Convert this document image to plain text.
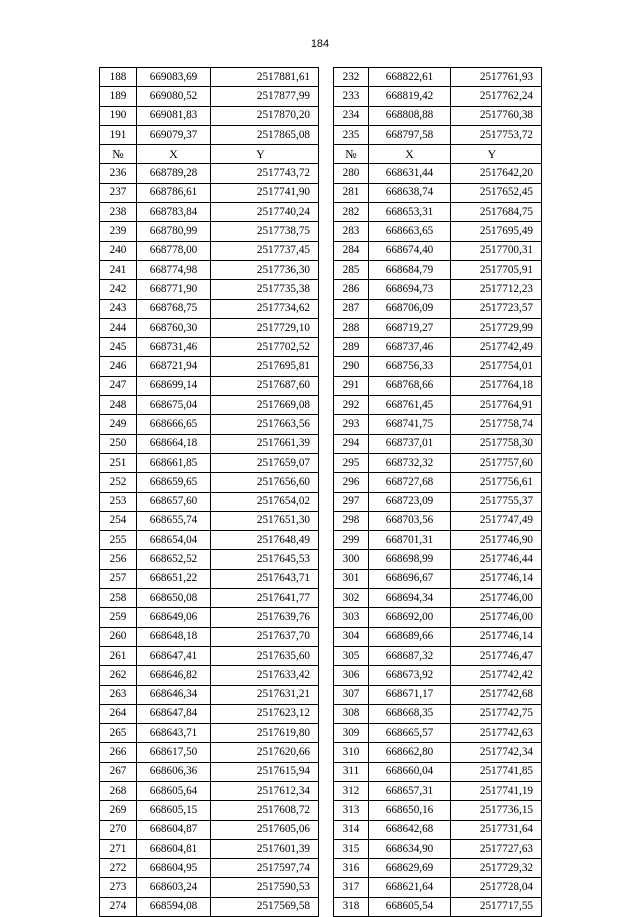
184
188	669083,69	2517881,61
189	669080,52	2517877,99
190	669081,83	2517870,20
191	669079,37	2517865,08
№	X	Y
236	668789,28	2517743,72
237	668786,61	2517741,90
238	668783,84	2517740,24
239	668780,99	2517738,75
240	668778,00	2517737,45
241	668774,98	2517736,30
242	668771,90	2517735,38
243	668768,75	2517734,62
244	668760,30	2517729,10
245	668731,46	2517702,52
246	668721,94	2517695,81
247	668699,14	2517687,60
248	668675,04	2517669,08
249	668666,65	2517663,56
250	668664,18	2517661,39
251	668661,85	2517659,07
252	668659,65	2517656,60
253	668657,60	2517654,02
254	668655,74	2517651,30
255	668654,04	2517648,49
256	668652,52	2517645,53
257	668651,22	2517643,71
258	668650,08	2517641,77
259	668649,06	2517639,76
260	668648,18	2517637,70
261	668647,41	2517635,60
262	668646,82	2517633,42
263	668646,34	2517631,21
264	668647,84	2517623,12
265	668643,71	2517619,80
266	668617,50	2517620,66
267	668606,36	2517615,94
268	668605,64	2517612,34
269	668605,15	2517608,72
270	668604,87	2517605,06
271	668604,81	2517601,39
272	668604,95	2517597,74
273	668603,24	2517590,53
274	668594,08	2517569,58
232	668822,61	2517761,93
233	668819,42	2517762,24
234	668808,88	2517760,38
235	668797,58	2517753,72
№	X	Y
280	668631,44	2517642,20
281	668638,74	2517652,45
282	668653,31	2517684,75
283	668663,65	2517695,49
284	668674,40	2517700,31
285	668684,79	2517705,91
286	668694,73	2517712,23
287	668706,09	2517723,57
288	668719,27	2517729,99
289	668737,46	2517742,49
290	668756,33	2517754,01
291	668768,66	2517764,18
292	668761,45	2517764,91
293	668741,75	2517758,74
294	668737,01	2517758,30
295	668732,32	2517757,60
296	668727,68	2517756,61
297	668723,09	2517755,37
298	668703,56	2517747,49
299	668701,31	2517746,90
300	668698,99	2517746,44
301	668696,67	2517746,14
302	668694,34	2517746,00
303	668692,00	2517746,00
304	668689,66	2517746,14
305	668687,32	2517746,47
306	668673,92	2517742,42
307	668671,17	2517742,68
308	668668,35	2517742,75
309	668665,57	2517742,63
310	668662,80	2517742,34
311	668660,04	2517741,85
312	668657,31	2517741,19
313	668650,16	2517736,15
314	668642,68	2517731,64
315	668634,90	2517727,63
316	668629,69	2517729,32
317	668621,64	2517728,04
318	668605,54	2517717,55
